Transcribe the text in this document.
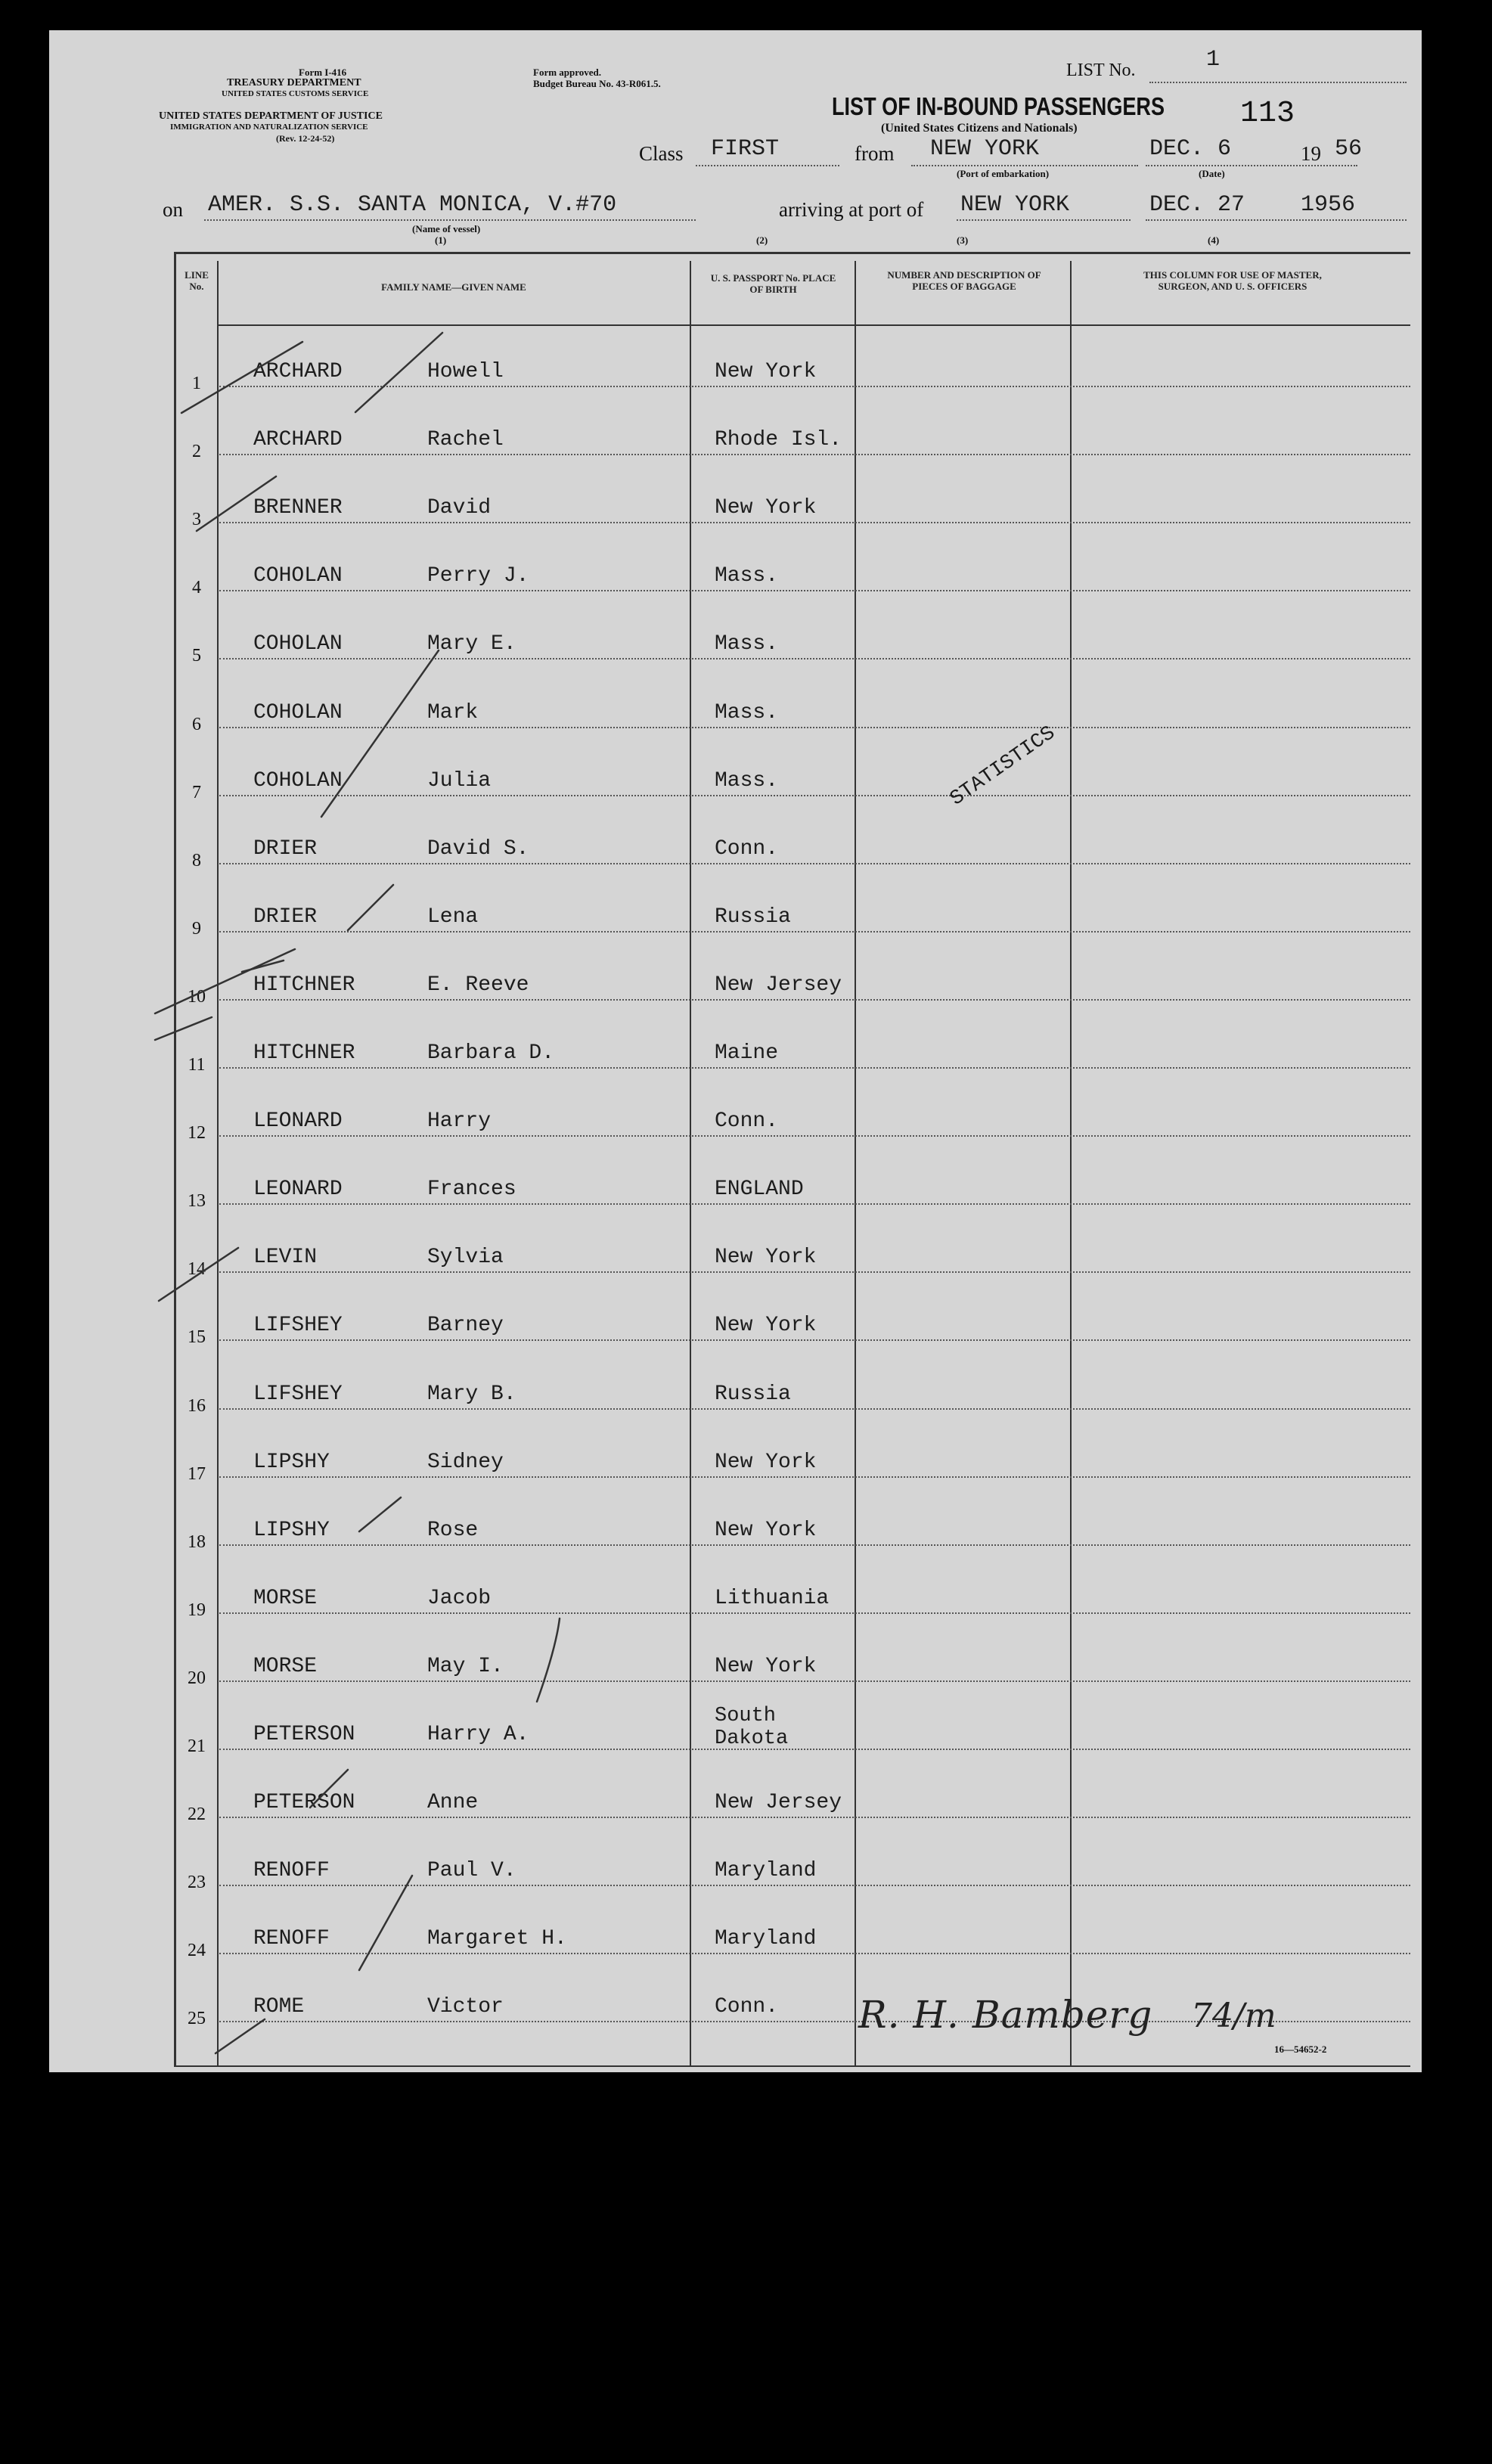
Form I-416
TREASURY DEPARTMENT
UNITED STATES CUSTOMS SERVICE
UNITED STATES DEPARTMENT OF JUSTICE
IMMIGRATION AND NATURALIZATION SERVICE
(Rev. 12-24-52)
Form approved.
Budget Bureau No. 43-R061.5.
LIST No.	1
LIST OF IN-BOUND PASSENGERS
(United States Citizens and Nationals)	113
Class FIRST	from NEW YORK
(Port of embarkation)
DEC. 6	19 56
(Date)
on AMER. S.S. SANTA MONICA, V.#70
(Name of vessel)
(1)
arriving at port of NEW YORK	DEC. 27 1956
(2)	(3)	(4)
LINE No.	FAMILY NAME—GIVEN NAME
U. S. PASSPORT No. PLACE OF BIRTH
NUMBER AND DESCRIPTION OF PIECES OF BAGGAGE
THIS COLUMN FOR USE OF MASTER, SURGEON, AND U. S. OFFICERS
1	ARCHARD	Howell	New York
2	ARCHARD	Rachel	Rhode Isl.
3	BRENNER	David	New York
4	COHOLAN	Perry J.	Mass.
5	COHOLAN	Mary E.	Mass.
6	COHOLAN	Mark	Mass.
7	COHOLAN	Julia	Mass.
8	DRIER	David S.	Conn.
9	DRIER	Lena	Russia
10 HITCHNER	E. Reeve	New Jersey
11	HITCHNER	Barbara D.	Maine
12 LEONARD	Harry	Conn.
13 LEONARD	Frances	ENGLAND
14 LEVIN	Sylvia	New York
15 LIFSHEY	Barney	New York
16 LIFSHEY	Mary B.	Russia
17 LIPSHY	Sidney	New York
18 LIPSHY	Rose	New York
19 MORSE	Jacob	Lithuania
20 MORSE	May I.	New York
21 PETERSON	Harry A.
South Dakota
22 PETERSON	Anne	New Jersey
23 RENOFF	Paul V.	Maryland
24 RENOFF	Margaret H.	Maryland
25 ROME	Victor	Conn.
STATISTICS
R. H. Bamberg 74/m
16—54652-2
